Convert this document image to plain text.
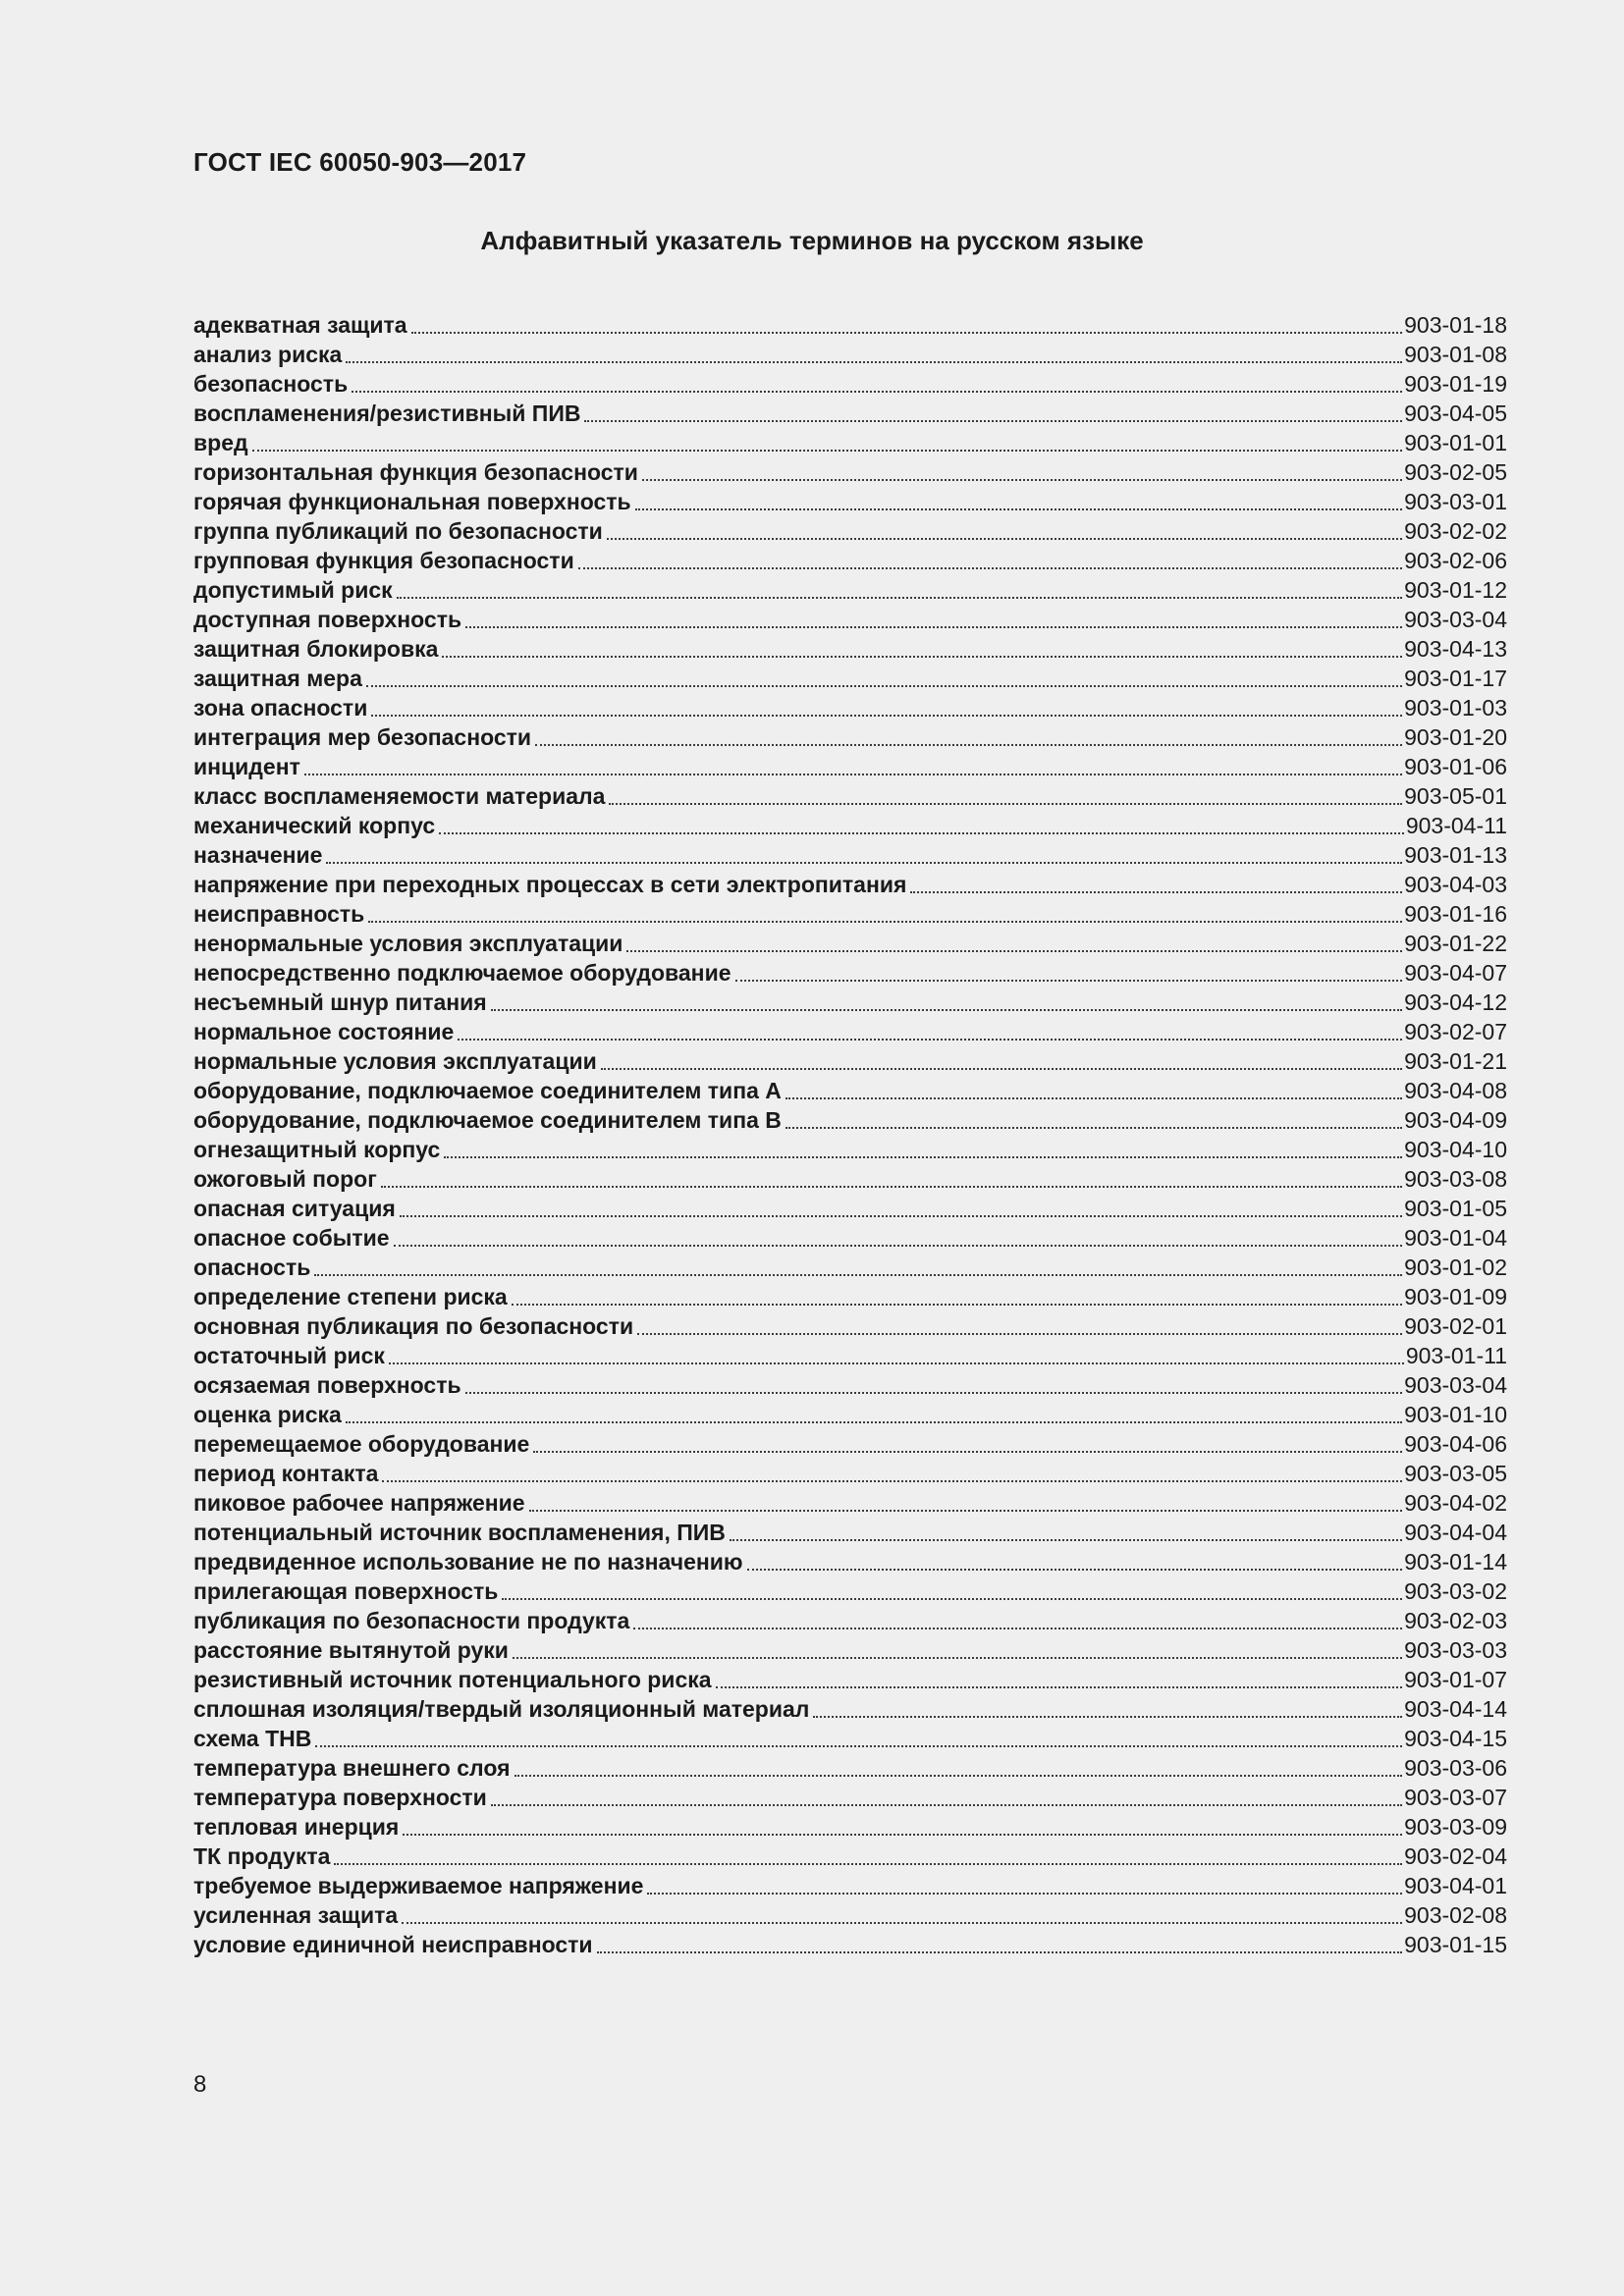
ГОСТ IEC 60050-903—2017
Алфавитный указатель терминов на русском языке
адекватная защита	903-01-18
анализ риска	903-01-08
безопасность	903-01-19
воспламенения/резистивный ПИВ	903-04-05
вред	903-01-01
горизонтальная функция безопасности	903-02-05
горячая функциональная поверхность	903-03-01
группа публикаций по безопасности	903-02-02
групповая функция безопасности	903-02-06
допустимый риск	903-01-12
доступная поверхность	903-03-04
защитная блокировка	903-04-13
защитная мера	903-01-17
зона опасности	903-01-03
интеграция мер безопасности	903-01-20
инцидент	903-01-06
класс воспламеняемости материала	903-05-01
механический корпус	903-04-11
назначение	903-01-13
напряжение при переходных процессах в сети электропитания	903-04-03
неисправность	903-01-16
ненормальные условия эксплуатации	903-01-22
непосредственно подключаемое оборудование	903-04-07
несъемный шнур питания	903-04-12
нормальное состояние	903-02-07
нормальные условия эксплуатации	903-01-21
оборудование, подключаемое соединителем типа А	903-04-08
оборудование, подключаемое соединителем типа В	903-04-09
огнезащитный корпус	903-04-10
ожоговый порог	903-03-08
опасная ситуация	903-01-05
опасное событие	903-01-04
опасность	903-01-02
определение степени риска	903-01-09
основная публикация по безопасности	903-02-01
остаточный риск	903-01-11
осязаемая поверхность	903-03-04
оценка риска	903-01-10
перемещаемое оборудование	903-04-06
период контакта	903-03-05
пиковое рабочее напряжение	903-04-02
потенциальный источник воспламенения, ПИВ	903-04-04
предвиденное использование не по назначению	903-01-14
прилегающая поверхность	903-03-02
публикация по безопасности продукта	903-02-03
расстояние вытянутой руки	903-03-03
резистивный источник потенциального риска	903-01-07
сплошная изоляция/твердый изоляционный материал	903-04-14
схема ТНВ	903-04-15
температура внешнего слоя	903-03-06
температура поверхности	903-03-07
тепловая инерция	903-03-09
ТК продукта	903-02-04
требуемое выдерживаемое напряжение	903-04-01
усиленная защита	903-02-08
условие единичной неисправности	903-01-15
8
